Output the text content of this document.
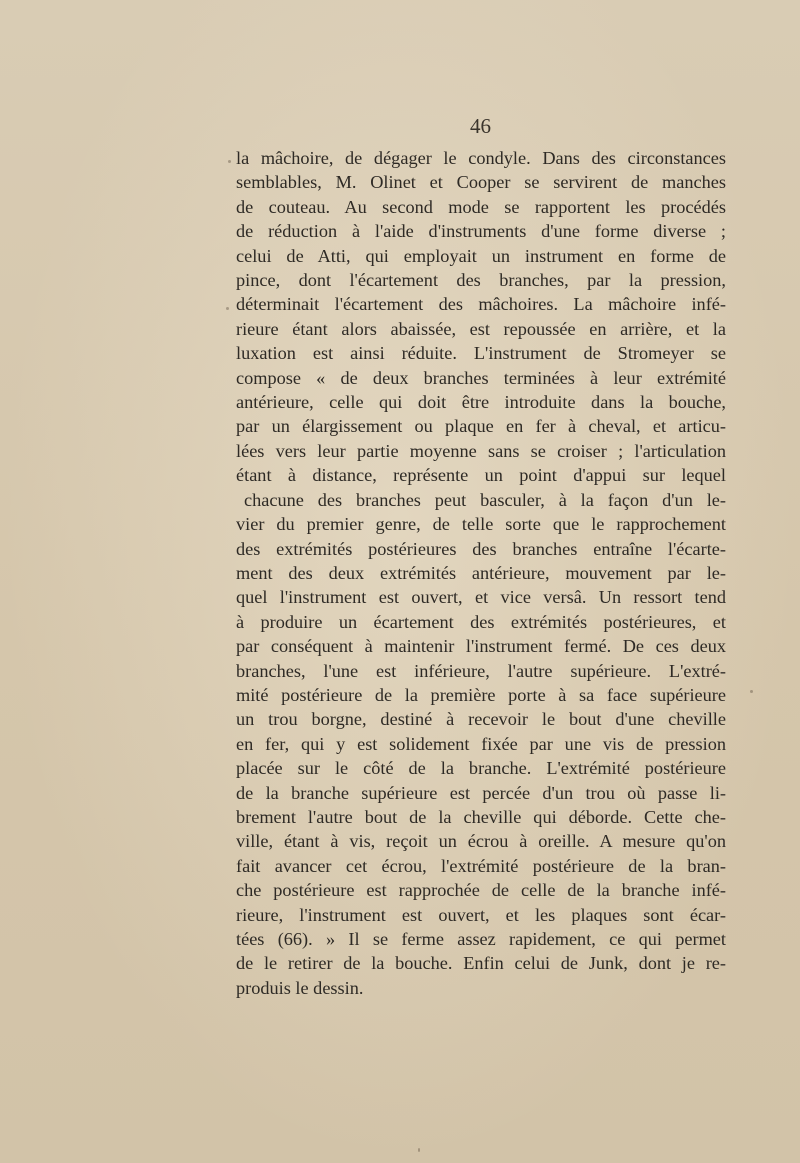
46
la mâchoire, de dégager le condyle. Dans des circonstances
semblables, M. Olinet et Cooper se servirent de manches
de couteau. Au second mode se rapportent les procédés
de réduction à l'aide d'instruments d'une forme diverse ;
celui de Atti, qui employait un instrument en forme de
pince, dont l'écartement des branches, par la pression,
déterminait l'écartement des mâchoires. La mâchoire infé-
rieure étant alors abaissée, est repoussée en arrière, et la
luxation est ainsi réduite. L'instrument de Stromeyer se
compose « de deux branches terminées à leur extrémité
antérieure, celle qui doit être introduite dans la bouche,
par un élargissement ou plaque en fer à cheval, et articu-
lées vers leur partie moyenne sans se croiser ; l'articulation
étant à distance, représente un point d'appui sur lequel
chacune des branches peut basculer, à la façon d'un le-
vier du premier genre, de telle sorte que le rapprochement
des extrémités postérieures des branches entraîne l'écarte-
ment des deux extrémités antérieure, mouvement par le-
quel l'instrument est ouvert, et vice versâ. Un ressort tend
à produire un écartement des extrémités postérieures, et
par conséquent à maintenir l'instrument fermé. De ces deux
branches, l'une est inférieure, l'autre supérieure. L'extré-
mité postérieure de la première porte à sa face supérieure
un trou borgne, destiné à recevoir le bout d'une cheville
en fer, qui y est solidement fixée par une vis de pression
placée sur le côté de la branche. L'extrémité postérieure
de la branche supérieure est percée d'un trou où passe li-
brement l'autre bout de la cheville qui déborde. Cette che-
ville, étant à vis, reçoit un écrou à oreille. A mesure qu'on
fait avancer cet écrou, l'extrémité postérieure de la bran-
che postérieure est rapprochée de celle de la branche infé-
rieure, l'instrument est ouvert, et les plaques sont écar-
tées (66). » Il se ferme assez rapidement, ce qui permet
de le retirer de la bouche. Enfin celui de Junk, dont je re-
produis le dessin.
